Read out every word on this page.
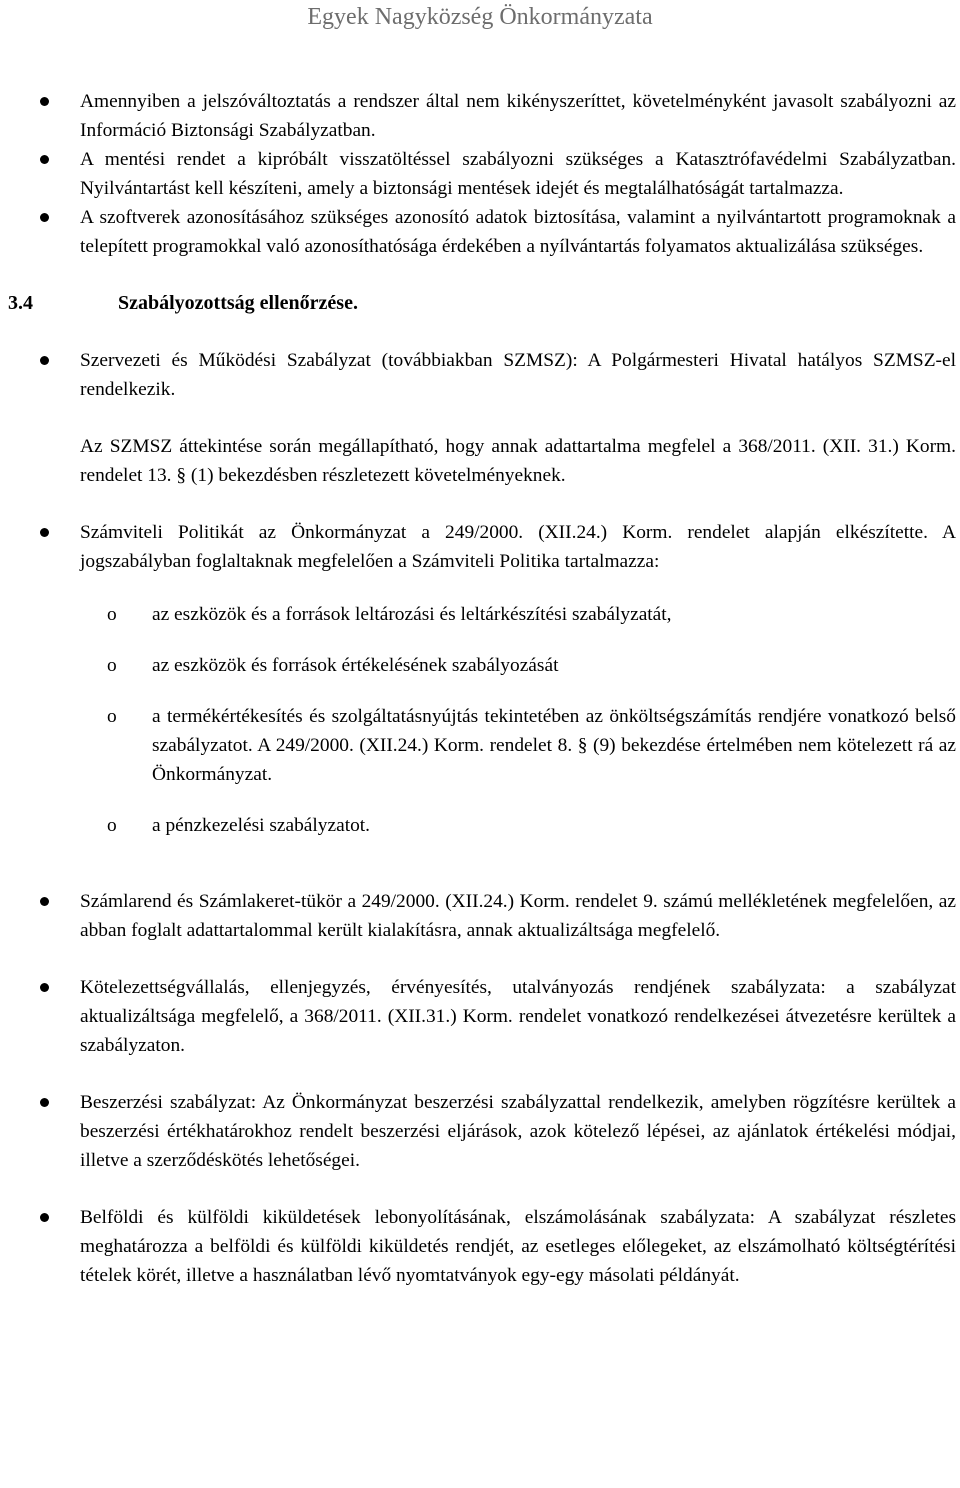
Egyek Nagyközség Önkormányzata

Amennyiben a jelszóváltoztatás a rendszer által nem kikényszeríttet, követelményként javasolt szabályozni az Információ Biztonsági Szabályzatban.

A mentési rendet a kipróbált visszatöltéssel szabályozni szükséges a Katasztrófavédelmi Szabályzatban. Nyilvántartást kell készíteni, amely a biztonsági mentések idejét és megtalálhatóságát tartalmazza.

A szoftverek azonosításához szükséges azonosító adatok biztosítása, valamint a nyilvántartott programoknak a telepített programokkal való azonosíthatósága érdekében a nyílvántartás folyamatos aktualizálása szükséges.

3.4	Szabályozottság ellenőrzése.

Szervezeti és Működési Szabályzat (továbbiakban SZMSZ): A Polgármesteri Hivatal hatályos SZMSZ-el rendelkezik.

Az SZMSZ áttekintése során megállapítható, hogy annak adattartalma megfelel a 368/2011. (XII. 31.) Korm. rendelet 13. § (1) bekezdésben részletezett követelményeknek.

Számviteli Politikát az Önkormányzat a 249/2000. (XII.24.) Korm. rendelet alapján elkészítette. A jogszabályban foglaltaknak megfelelően a Számviteli Politika tartalmazza:

o az eszközök és a források leltározási és leltárkészítési szabályzatát,

o az eszközök és források értékelésének szabályozását

o a termékértékesítés és szolgáltatásnyújtás tekintetében az önköltségszámítás rendjére vonatkozó belső szabályzatot. A 249/2000. (XII.24.) Korm. rendelet 8. § (9) bekezdése értelmében nem kötelezett rá az Önkormányzat.

o a pénzkezelési szabályzatot.

Számlarend és Számlakeret-tükör a 249/2000. (XII.24.) Korm. rendelet 9. számú mellékletének megfelelően, az abban foglalt adattartalommal került kialakításra, annak aktualizáltsága megfelelő.

Kötelezettségvállalás, ellenjegyzés, érvényesítés, utalványozás rendjének szabályzata: a szabályzat aktualizáltsága megfelelő, a 368/2011. (XII.31.) Korm. rendelet vonatkozó rendelkezései átvezetésre kerültek a szabályzaton.

Beszerzési szabályzat: Az Önkormányzat beszerzési szabályzattal rendelkezik, amelyben rögzítésre kerültek a beszerzési értékhatárokhoz rendelt beszerzési eljárások, azok kötelező lépései, az ajánlatok értékelési módjai, illetve a szerződéskötés lehetőségei.

Belföldi és külföldi kiküldetések lebonyolításának, elszámolásának szabályzata: A szabályzat részletes meghatározza a belföldi és külföldi kiküldetés rendjét, az esetleges előlegeket, az elszámolható költségtérítési tételek körét, illetve a használatban lévő nyomtatványok egy-egy másolati példányát.
